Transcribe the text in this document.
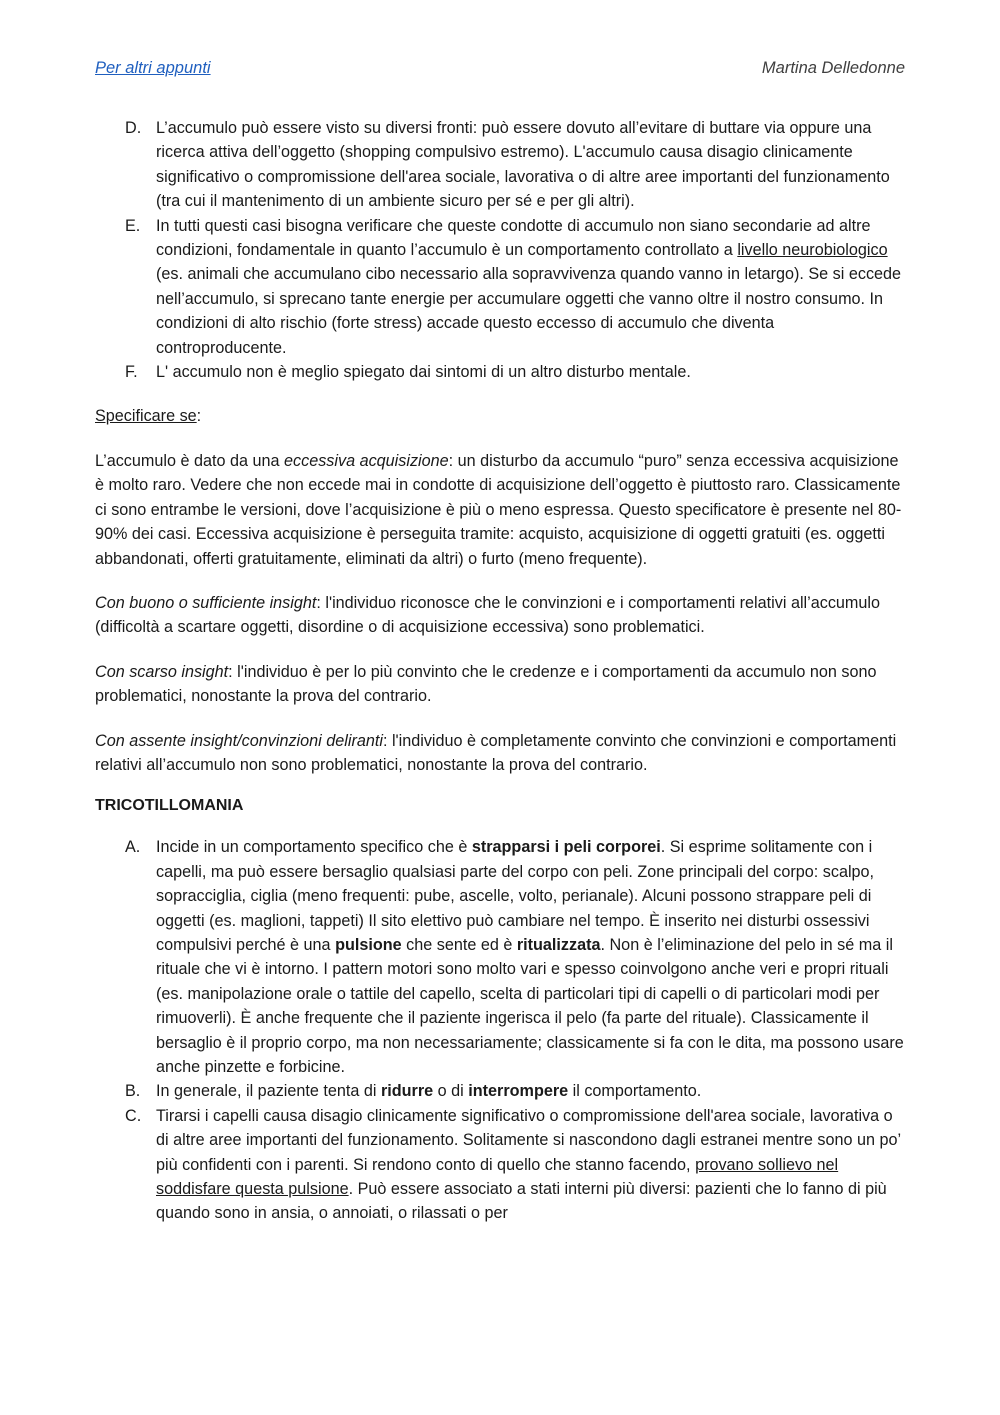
Per altri appunti	Martina Delledonne
D. L’accumulo può essere visto su diversi fronti: può essere dovuto all’evitare di buttare via oppure una ricerca attiva dell’oggetto (shopping compulsivo estremo). L'accumulo causa disagio clinicamente significativo o compromissione dell'area sociale, lavorativa o di altre aree importanti del funzionamento (tra cui il mantenimento di un ambiente sicuro per sé e per gli altri).
E. In tutti questi casi bisogna verificare che queste condotte di accumulo non siano secondarie ad altre condizioni, fondamentale in quanto l’accumulo è un comportamento controllato a livello neurobiologico (es. animali che accumulano cibo necessario alla sopravvivenza quando vanno in letargo). Se si eccede nell’accumulo, si sprecano tante energie per accumulare oggetti che vanno oltre il nostro consumo. In condizioni di alto rischio (forte stress) accade questo eccesso di accumulo che diventa controproducente.
F. L' accumulo non è meglio spiegato dai sintomi di un altro disturbo mentale.

Specificare se:

L’accumulo è dato da una eccessiva acquisizione: un disturbo da accumulo “puro” senza eccessiva acquisizione è molto raro. Vedere che non eccede mai in condotte di acquisizione dell’oggetto è piuttosto raro. Classicamente ci sono entrambe le versioni, dove l’acquisizione è più o meno espressa. Questo specificatore è presente nel 80-90% dei casi. Eccessiva acquisizione è perseguita tramite: acquisto, acquisizione di oggetti gratuiti (es. oggetti abbandonati, offerti gratuitamente, eliminati da altri) o furto (meno frequente).

Con buono o sufficiente insight: l'individuo riconosce che le convinzioni e i comportamenti relativi all’accumulo (difficoltà a scartare oggetti, disordine o di acquisizione eccessiva) sono problematici.

Con scarso insight: l'individuo è per lo più convinto che le credenze e i comportamenti da accumulo non sono problematici, nonostante la prova del contrario.

Con assente insight/convinzioni deliranti: l'individuo è completamente convinto che convinzioni e comportamenti relativi all’accumulo non sono problematici, nonostante la prova del contrario.

TRICOTILLOMANIA
A. Incide in un comportamento specifico che è strapparsi i peli corporei. Si esprime solitamente con i capelli, ma può essere bersaglio qualsiasi parte del corpo con peli. Zone principali del corpo: scalpo, sopracciglia, ciglia (meno frequenti: pube, ascelle, volto, perianale). Alcuni possono strappare peli di oggetti (es. maglioni, tappeti) Il sito elettivo può cambiare nel tempo. È inserito nei disturbi ossessivi compulsivi perché è una pulsione che sente ed è ritualizzata. Non è l’eliminazione del pelo in sé ma il rituale che vi è intorno. I pattern motori sono molto vari e spesso coinvolgono anche veri e propri rituali (es. manipolazione orale o tattile del capello, scelta di particolari tipi di capelli o di particolari modi per rimuoverli). È anche frequente che il paziente ingerisca il pelo (fa parte del rituale). Classicamente il bersaglio è il proprio corpo, ma non necessariamente; classicamente si fa con le dita, ma possono usare anche pinzette e forbicine.
B. In generale, il paziente tenta di ridurre o di interrompere il comportamento.
C. Tirarsi i capelli causa disagio clinicamente significativo o compromissione dell'area sociale, lavorativa o di altre aree importanti del funzionamento. Solitamente si nascondono dagli estranei mentre sono un po’ più confidenti con i parenti. Si rendono conto di quello che stanno facendo, provano sollievo nel soddisfare questa pulsione. Può essere associato a stati interni più diversi: pazienti che lo fanno di più quando sono in ansia, o annoiati, o rilassati o per
